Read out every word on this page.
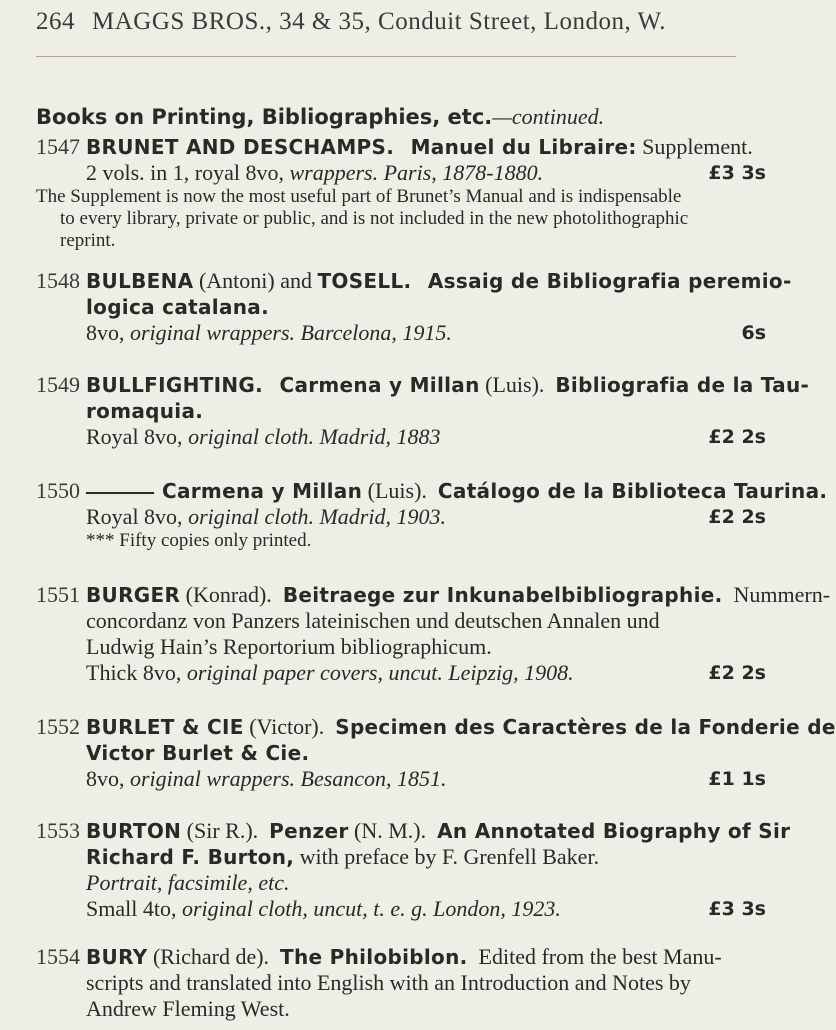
264 MAGGS BROS., 34 & 35, Conduit Street, London, W.
Books on Printing, Bibliographies, etc.—continued.
1547 BRUNET AND DESCHAMPS. Manuel du Libraire: Supplement.
2 vols. in 1, royal 8vo, wrappers. Paris, 1878-1880.	£3 3s
The Supplement is now the most useful part of Brunet’s Manual and is indispensable
to every library, private or public, and is not included in the new photolithographic
reprint.
1548 BULBENA (Antoni) and TOSELL. Assaig de Bibliografia peremio-
logica catalana.
8vo, original wrappers. Barcelona, 1915.	6s
1549 BULLFIGHTING. Carmena y Millan (Luis). Bibliografia de la Tau-
romaquia.
Royal 8vo, original cloth. Madrid, 1883	£2 2s
1550	Carmena y Millan (Luis). Catálogo de la Biblioteca Taurina.
Royal 8vo, original cloth. Madrid, 1903.	£2 2s
*** Fifty copies only printed.
1551 BURGER (Konrad). Beitraege zur Inkunabelbibliographie. Nummern-
concordanz von Panzers lateinischen und deutschen Annalen und
Ludwig Hain’s Reportorium bibliographicum.
Thick 8vo, original paper covers, uncut. Leipzig, 1908.	£2 2s
1552 BURLET & CIE (Victor). Specimen des Caractères de la Fonderie de
Victor Burlet & Cie.
8vo, original wrappers. Besancon, 1851.	£1 1s
1553 BURTON (Sir R.). Penzer (N. M.). An Annotated Biography of Sir
Richard F. Burton, with preface by F. Grenfell Baker.
Portrait, facsimile, etc.
Small 4to, original cloth, uncut, t. e. g. London, 1923.	£3 3s
1554 BURY (Richard de). The Philobiblon. Edited from the best Manu-
scripts and translated into English with an Introduction and Notes by
Andrew Fleming West.
